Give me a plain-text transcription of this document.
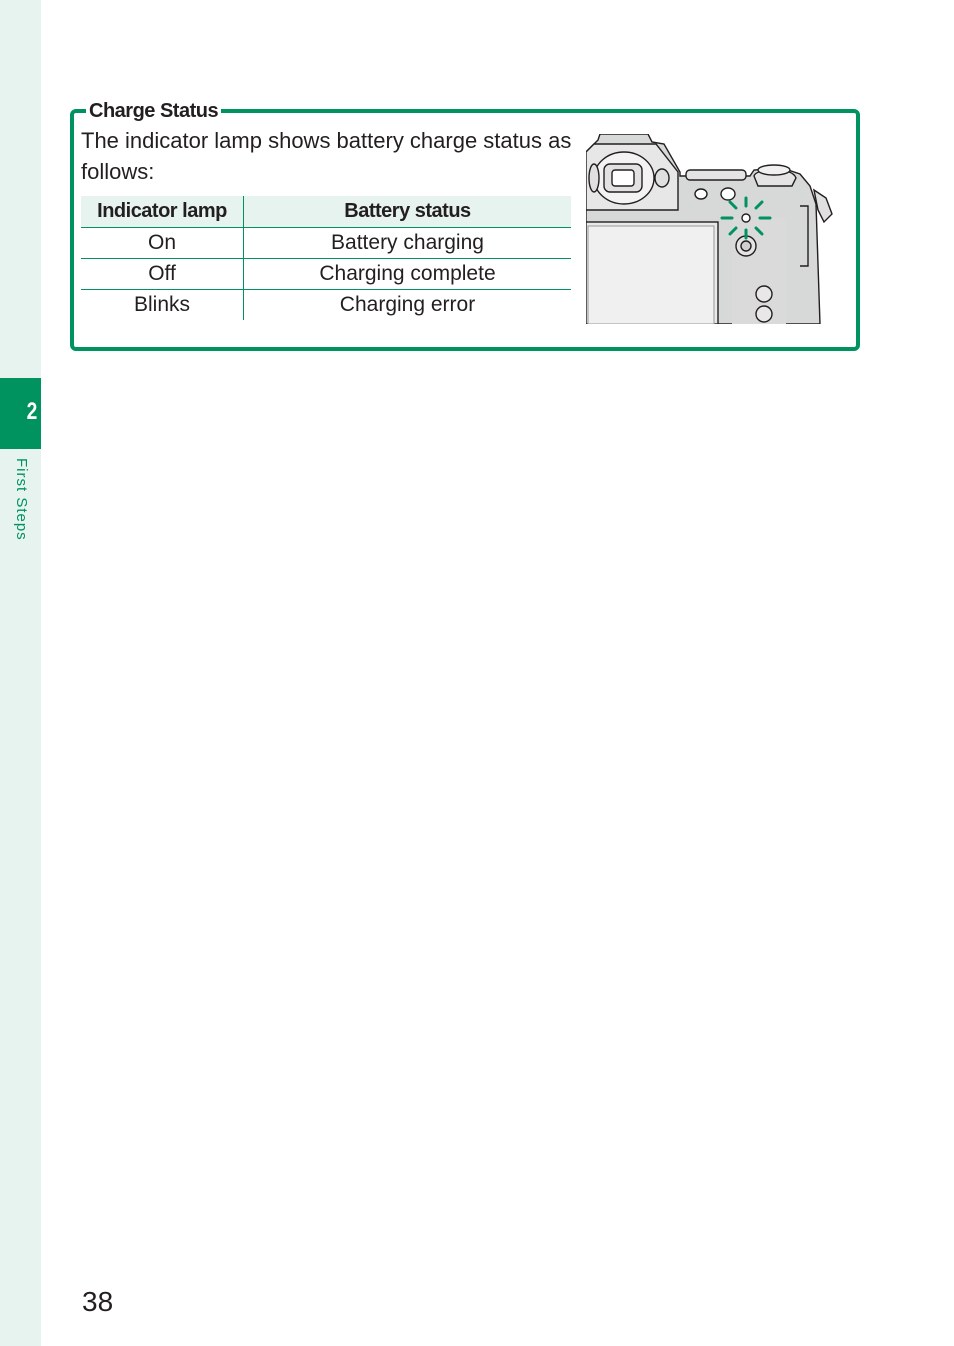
2
First Steps
Charge Status
The indicator lamp shows battery charge status as follows:
Indicator lamp	Battery status
On	Battery charging
Off	Charging complete
Blinks	Charging error
38
